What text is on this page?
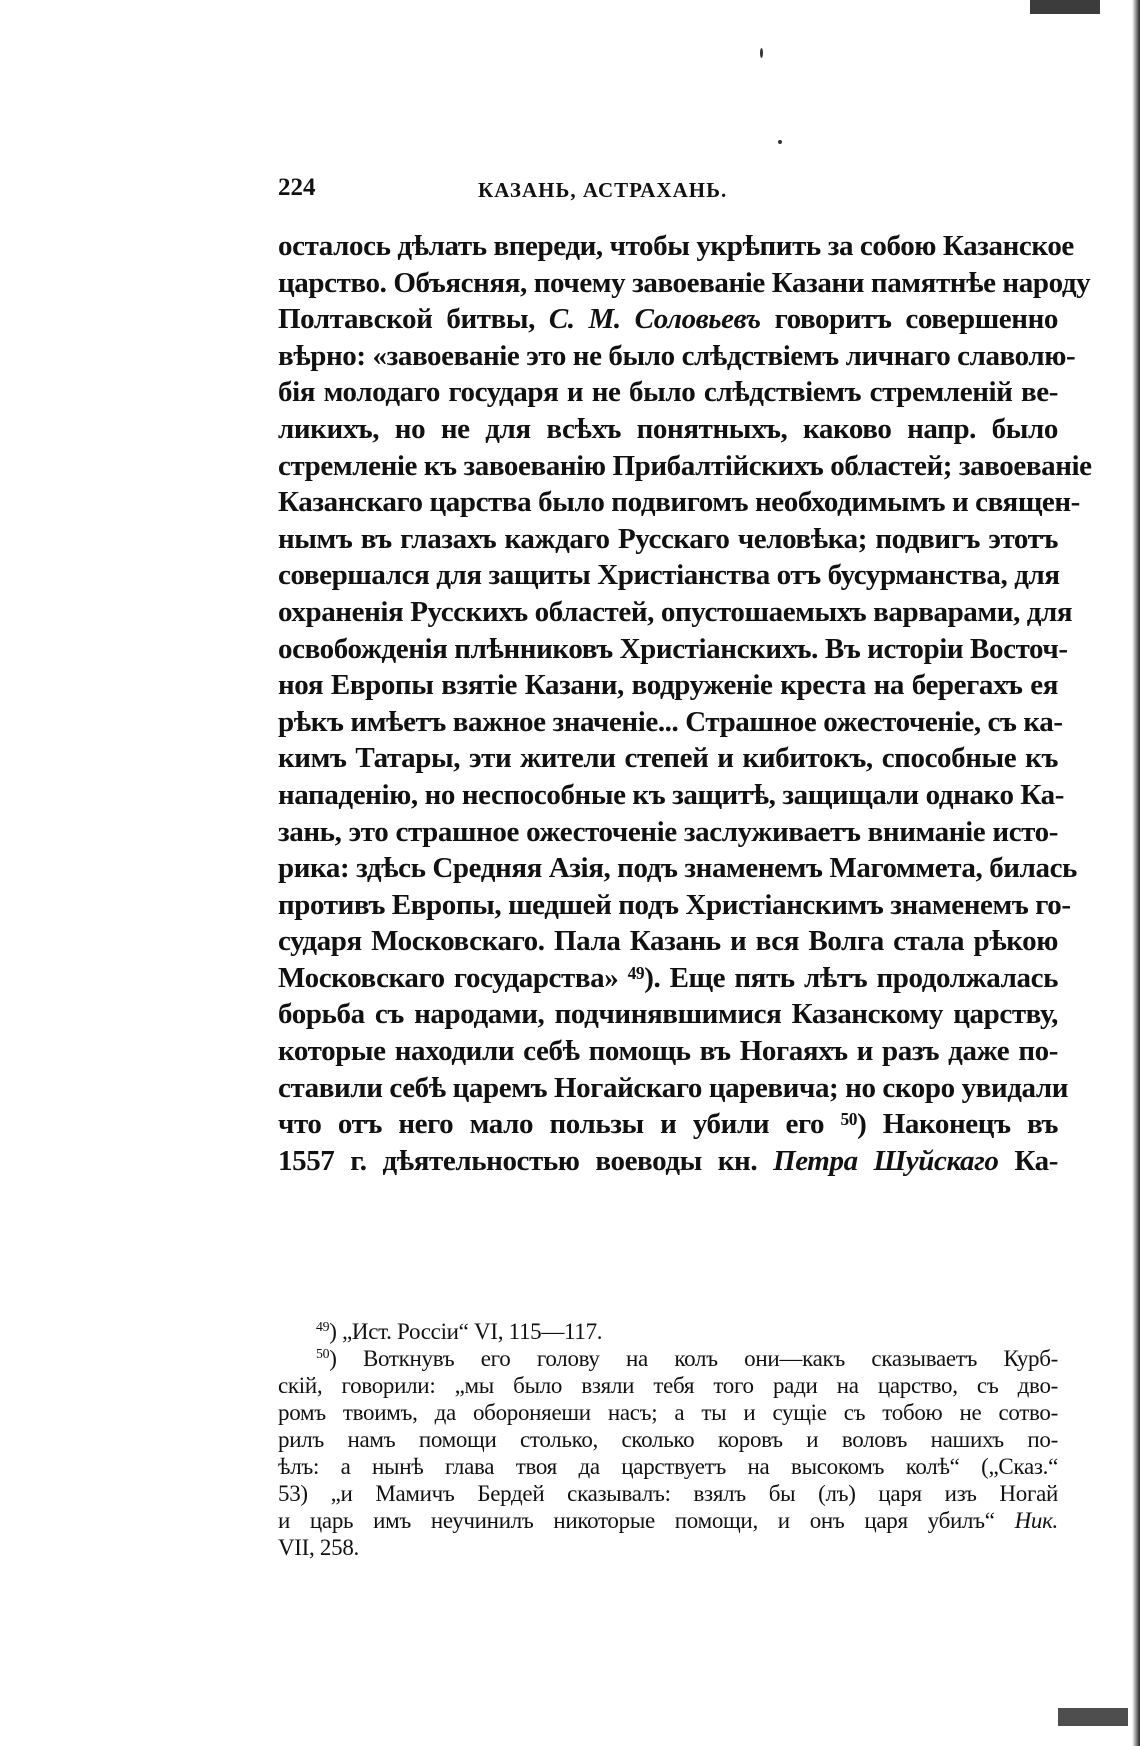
224	КАЗАНЬ, АСТРАХАНЬ.
осталось дѣлать впереди, чтобы укрѣпить за собою Казанское
царство. Объясняя, почему завоеваніе Казани памятнѣе народу
Полтавской битвы, С. М. Соловьевъ говоритъ совершенно
вѣрно: «завоеваніе это не было слѣдствіемъ личнаго славолю-
бія молодаго государя и не было слѣдствіемъ стремленій ве-
ликихъ, но не для всѣхъ понятныхъ, каково напр. было
стремленіе къ завоеванію Прибалтійскихъ областей; завоеваніе
Казанскаго царства было подвигомъ необходимымъ и священ-
нымъ въ глазахъ каждаго Русскаго человѣка; подвигъ этотъ
совершался для защиты Христіанства отъ бусурманства, для
охраненія Русскихъ областей, опустошаемыхъ варварами, для
освобожденія плѣнниковъ Христіанскихъ. Въ исторіи Восточ-
ноя Европы взятіе Казани, водруженіе креста на берегахъ ея
рѣкъ имѣетъ важное значеніе... Страшное ожесточеніе, съ ка-
кимъ Татары, эти жители степей и кибитокъ, способные къ
нападенію, но неспособные къ защитѣ, защищали однако Ка-
зань, это страшное ожесточеніе заслуживаетъ вниманіе исто-
рика: здѣсь Средняя Азія, подъ знаменемъ Магоммета, билась
противъ Европы, шедшей подъ Христіанскимъ знаменемъ го-
сударя Московскаго. Пала Казань и вся Волга стала рѣкою
Московскаго государства» $^{49}$). Еще пять лѣтъ продолжалась
борьба съ народами, подчинявшимися Казанскому царству,
которые находили себѣ помощь въ Ногаяхъ и разъ даже по-
ставили себѣ царемъ Ногайскаго царевича; но скоро увидали
что отъ него мало пользы и убили его $^{50}$) Наконецъ въ
1557 г. дѣятельностью воеводы кн. Петра Шуйскаго Ка-
$^{49}$) „Ист. Россіи“ VI, 115—117.
$^{50}$) Воткнувъ его голову на колъ они—какъ сказываетъ Курб-
скій, говорили: „мы было взяли тебя того ради на царство, съ дво-
ромъ твоимъ, да обороняеши насъ; а ты и сущіе съ тобою не сотво-
рилъ намъ помощи столько, сколько коровъ и воловъ нашихъ по-
ѣлъ: а нынѣ глава твоя да царствуетъ на высокомъ колѣ“ („Сказ.“
53) „и Мамичъ Бердей сказывалъ: взялъ бы (лъ) царя изъ Ногай
и царь имъ неучинилъ никоторые помощи, и онъ царя убилъ“ Ник.
VII, 258.
